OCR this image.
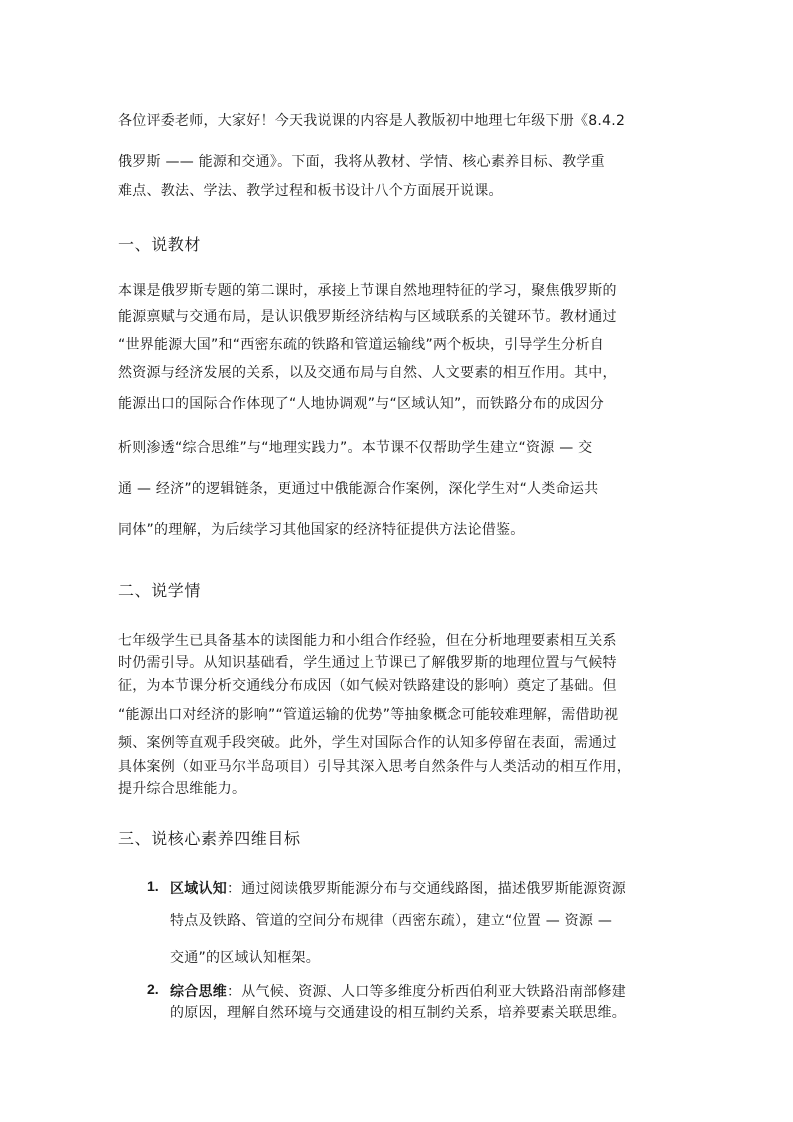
各位评委老师，大家好！今天我说课的内容是人教版初中地理七年级下册《8.4.2
俄罗斯 —— 能源和交通》。下面，我将从教材、学情、核心素养目标、教学重
难点、教法、学法、教学过程和板书设计八个方面展开说课。
一、说教材
本课是俄罗斯专题的第二课时，承接上节课自然地理特征的学习，聚焦俄罗斯的
能源禀赋与交通布局，是认识俄罗斯经济结构与区域联系的关键环节。教材通过
“世界能源大国”和“西密东疏的铁路和管道运输线”两个板块，引导学生分析自
然资源与经济发展的关系，以及交通布局与自然、人文要素的相互作用。其中，
能源出口的国际合作体现了“人地协调观”与“区域认知”，而铁路分布的成因分
析则渗透“综合思维”与“地理实践力”。本节课不仅帮助学生建立“资源 — 交
通 — 经济”的逻辑链条，更通过中俄能源合作案例，深化学生对“人类命运共
同体”的理解，为后续学习其他国家的经济特征提供方法论借鉴。
二、说学情
七年级学生已具备基本的读图能力和小组合作经验，但在分析地理要素相互关系
时仍需引导。从知识基础看，学生通过上节课已了解俄罗斯的地理位置与气候特
征，为本节课分析交通线分布成因（如气候对铁路建设的影响）奠定了基础。但
“能源出口对经济的影响”“管道运输的优势”等抽象概念可能较难理解，需借助视
频、案例等直观手段突破。此外，学生对国际合作的认知多停留在表面，需通过
具体案例（如亚马尔半岛项目）引导其深入思考自然条件与人类活动的相互作用，
提升综合思维能力。
三、说核心素养四维目标
1. 区域认知：通过阅读俄罗斯能源分布与交通线路图，描述俄罗斯能源资源
特点及铁路、管道的空间分布规律（西密东疏），建立“位置 — 资源 —
交通”的区域认知框架。
2. 综合思维：从气候、资源、人口等多维度分析西伯利亚大铁路沿南部修建
的原因，理解自然环境与交通建设的相互制约关系，培养要素关联思维。
